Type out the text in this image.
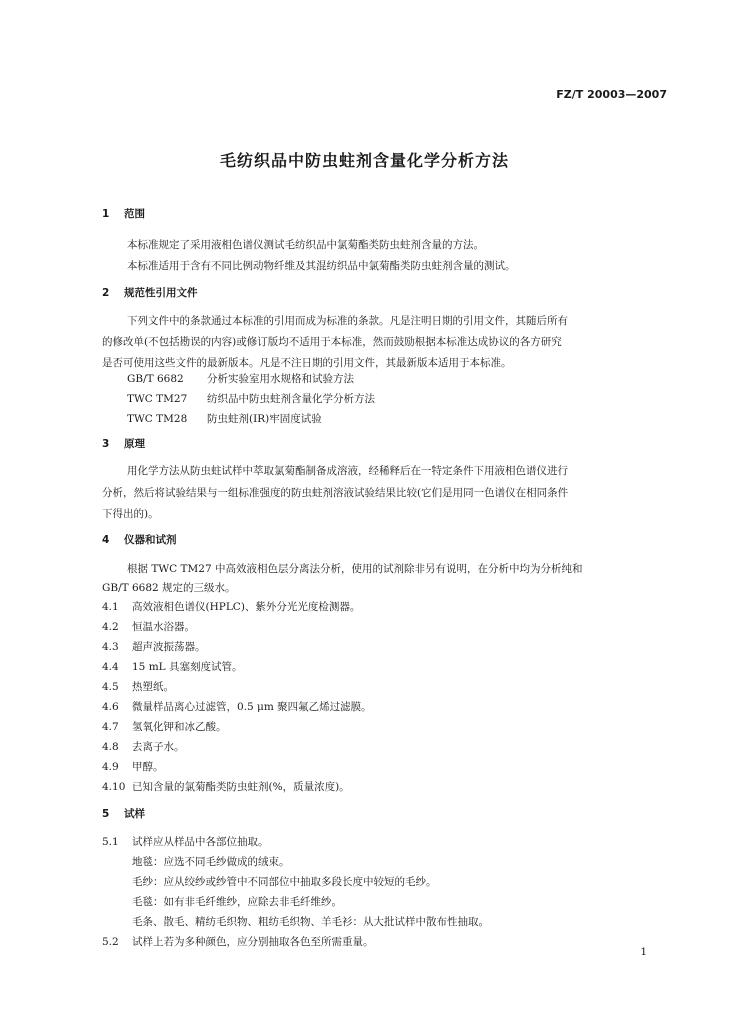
FZ/T 20003—2007
毛纺织品中防虫蛀剂含量化学分析方法
1 范围
本标准规定了采用液相色谱仪测试毛纺织品中氯菊酯类防虫蛀剂含量的方法。
本标准适用于含有不同比例动物纤维及其混纺织品中氯菊酯类防虫蛀剂含量的测试。
2 规范性引用文件
下列文件中的条款通过本标准的引用而成为标准的条款。凡是注明日期的引用文件，其随后所有
的修改单(不包括勘误的内容)或修订版均不适用于本标准，然而鼓励根据本标准达成协议的各方研究
是否可使用这些文件的最新版本。凡是不注日期的引用文件，其最新版本适用于本标准。
GB/T 6682 分析实验室用水规格和试验方法
TWC TM27 纺织品中防虫蛀剂含量化学分析方法
TWC TM28 防虫蛀剂(IR)牢固度试验
3 原理
用化学方法从防虫蛀试样中萃取氯菊酯制备成溶液，经稀释后在一特定条件下用液相色谱仪进行
分析，然后将试验结果与一组标准强度的防虫蛀剂溶液试验结果比较(它们是用同一色谱仪在相同条件
下得出的)。
4 仪器和试剂
根据 TWC TM27 中高效液相色层分离法分析，使用的试剂除非另有说明，在分析中均为分析纯和
GB/T 6682 规定的三级水。
4.1 高效液相色谱仪(HPLC)、紫外分光光度检测器。
4.2 恒温水浴器。
4.3 超声波振荡器。
4.4 15 mL 具塞刻度试管。
4.5 热塑纸。
4.6 微量样品离心过滤管，0.5 μm 聚四氟乙烯过滤膜。
4.7 氢氧化钾和冰乙酸。
4.8 去离子水。
4.9 甲醇。
4.10 已知含量的氯菊酯类防虫蛀剂(%，质量浓度)。
5 试样
5.1 试样应从样品中各部位抽取。
地毯：应选不同毛纱做成的绒束。
毛纱：应从绞纱或纱管中不同部位中抽取多段长度中较短的毛纱。
毛毯：如有非毛纤维纱，应除去非毛纤维纱。
毛条、散毛、精纺毛织物、粗纺毛织物、羊毛衫：从大批试样中散布性抽取。
5.2 试样上若为多种颜色，应分别抽取各色至所需重量。
1
